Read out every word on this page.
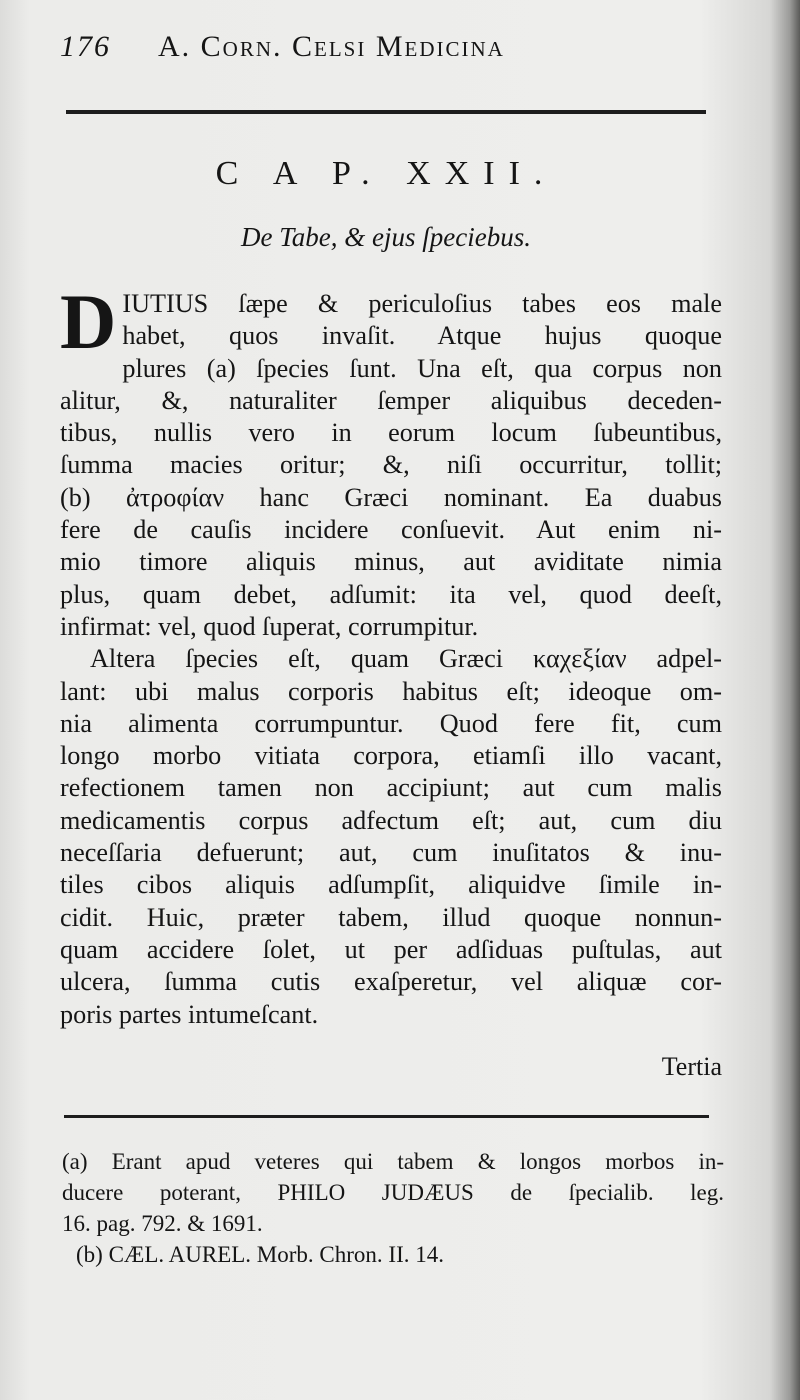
176 A. Corn. Celsi Medicina
C A P. XXII.
De Tabe, & ejus ſpeciebus.
D IUTIUS ſæpe & periculoſius tabes eos male
habet, quos invaſit. Atque hujus quoque
plures (a) ſpecies ſunt. Una eſt, qua corpus non
alitur, &, naturaliter ſemper aliquibus deceden-
tibus, nullis vero in eorum locum ſubeuntibus,
ſumma macies oritur; &, niſi occurritur, tollit;
(b) ἀτροφίαν hanc Græci nominant. Ea duabus
fere de cauſis incidere conſuevit. Aut enim ni-
mio timore aliquis minus, aut aviditate nimia
plus, quam debet, adſumit: ita vel, quod deeſt,
infirmat: vel, quod ſuperat, corrumpitur.
Altera ſpecies eſt, quam Græci καχεξίαν adpel-
lant: ubi malus corporis habitus eſt; ideoque om-
nia alimenta corrumpuntur. Quod fere fit, cum
longo morbo vitiata corpora, etiamſi illo vacant,
refectionem tamen non accipiunt; aut cum malis
medicamentis corpus adfectum eſt; aut, cum diu
neceſſaria defuerunt; aut, cum inuſitatos & inu-
tiles cibos aliquis adſumpſit, aliquidve ſimile in-
cidit. Huic, præter tabem, illud quoque nonnun-
quam accidere ſolet, ut per adſiduas puſtulas, aut
ulcera, ſumma cutis exaſperetur, vel aliquæ cor-
poris partes intumeſcant.
Tertia
(a) Erant apud veteres qui tabem & longos morbos in-
ducere poterant, PHILO JUDÆUS de ſpecialib. leg.
16. pag. 792. & 1691.
(b) CÆL. AUREL. Morb. Chron. II. 14.
